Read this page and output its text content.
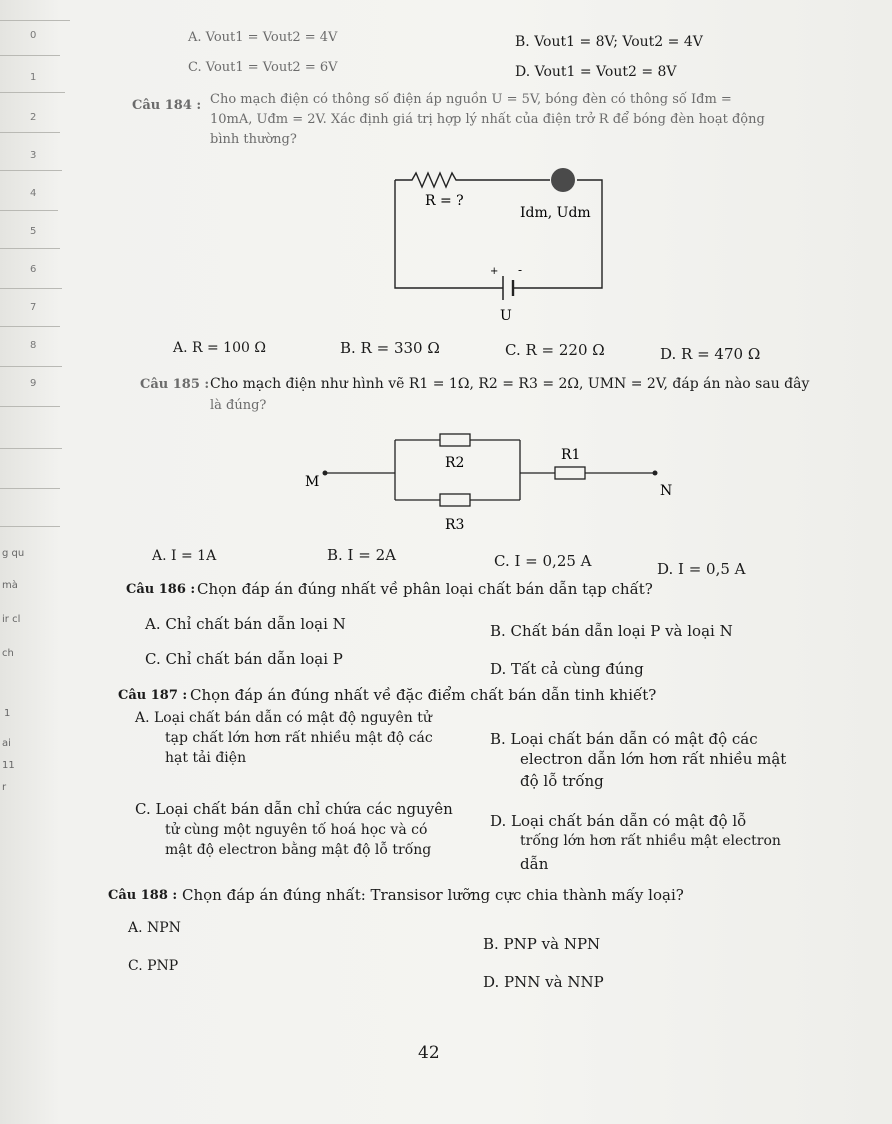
0
1
2
3
4
5
6
7
8
9
g qu
mà
ir cl
ch
1
ai
11
r
A. Vout1 = Vout2 = 4V	B. Vout1 = 8V; Vout2 = 4V
C. Vout1 = Vout2 = 6V	D. Vout1 = Vout2 = 8V
Câu 184 : Cho mạch điện có thông số điện áp nguồn U = 5V, bóng đèn có thông số Iđm =
10mA, Uđm = 2V. Xác định giá trị hợp lý nhất của điện trở R để bóng đèn hoạt động
bình thường?
R = ?
Idm, Udm
+ -
U
A. R = 100 Ω	B. R = 330 Ω	C. R = 220 Ω	D. R = 470 Ω
Câu 185 : Cho mạch điện như hình vẽ R1 = 1Ω, R2 = R3 = 2Ω, UMN = 2V, đáp án nào sau đây
là đúng?
R2
R3
R1
M
N
A. I = 1A	B. I = 2A	C. I = 0,25 A	D. I = 0,5 A
Câu 186 : Chọn đáp án đúng nhất về phân loại chất bán dẫn tạp chất?
A. Chỉ chất bán dẫn loại N	B. Chất bán dẫn loại P và loại N
C. Chỉ chất bán dẫn loại P
D. Tất cả cùng đúng
Câu 187 : Chọn đáp án đúng nhất về đặc điểm chất bán dẫn tinh khiết?
A. Loại chất bán dẫn có mật độ nguyên tử
tạp chất lớn hơn rất nhiều mật độ các
hạt tải điện
B. Loại chất bán dẫn có mật độ các
electron dẫn lớn hơn rất nhiều mật
độ lỗ trống
C. Loại chất bán dẫn chỉ chứa các nguyên
tử cùng một nguyên tố hoá học và có
mật độ electron bằng mật độ lỗ trống
D. Loại chất bán dẫn có mật độ lỗ
trống lớn hơn rất nhiều mật electron
dẫn
Câu 188 : Chọn đáp án đúng nhất: Transisor lưỡng cực chia thành mấy loại?
A. NPN
B. PNP và NPN
C. PNP
D. PNN và NNP
42
